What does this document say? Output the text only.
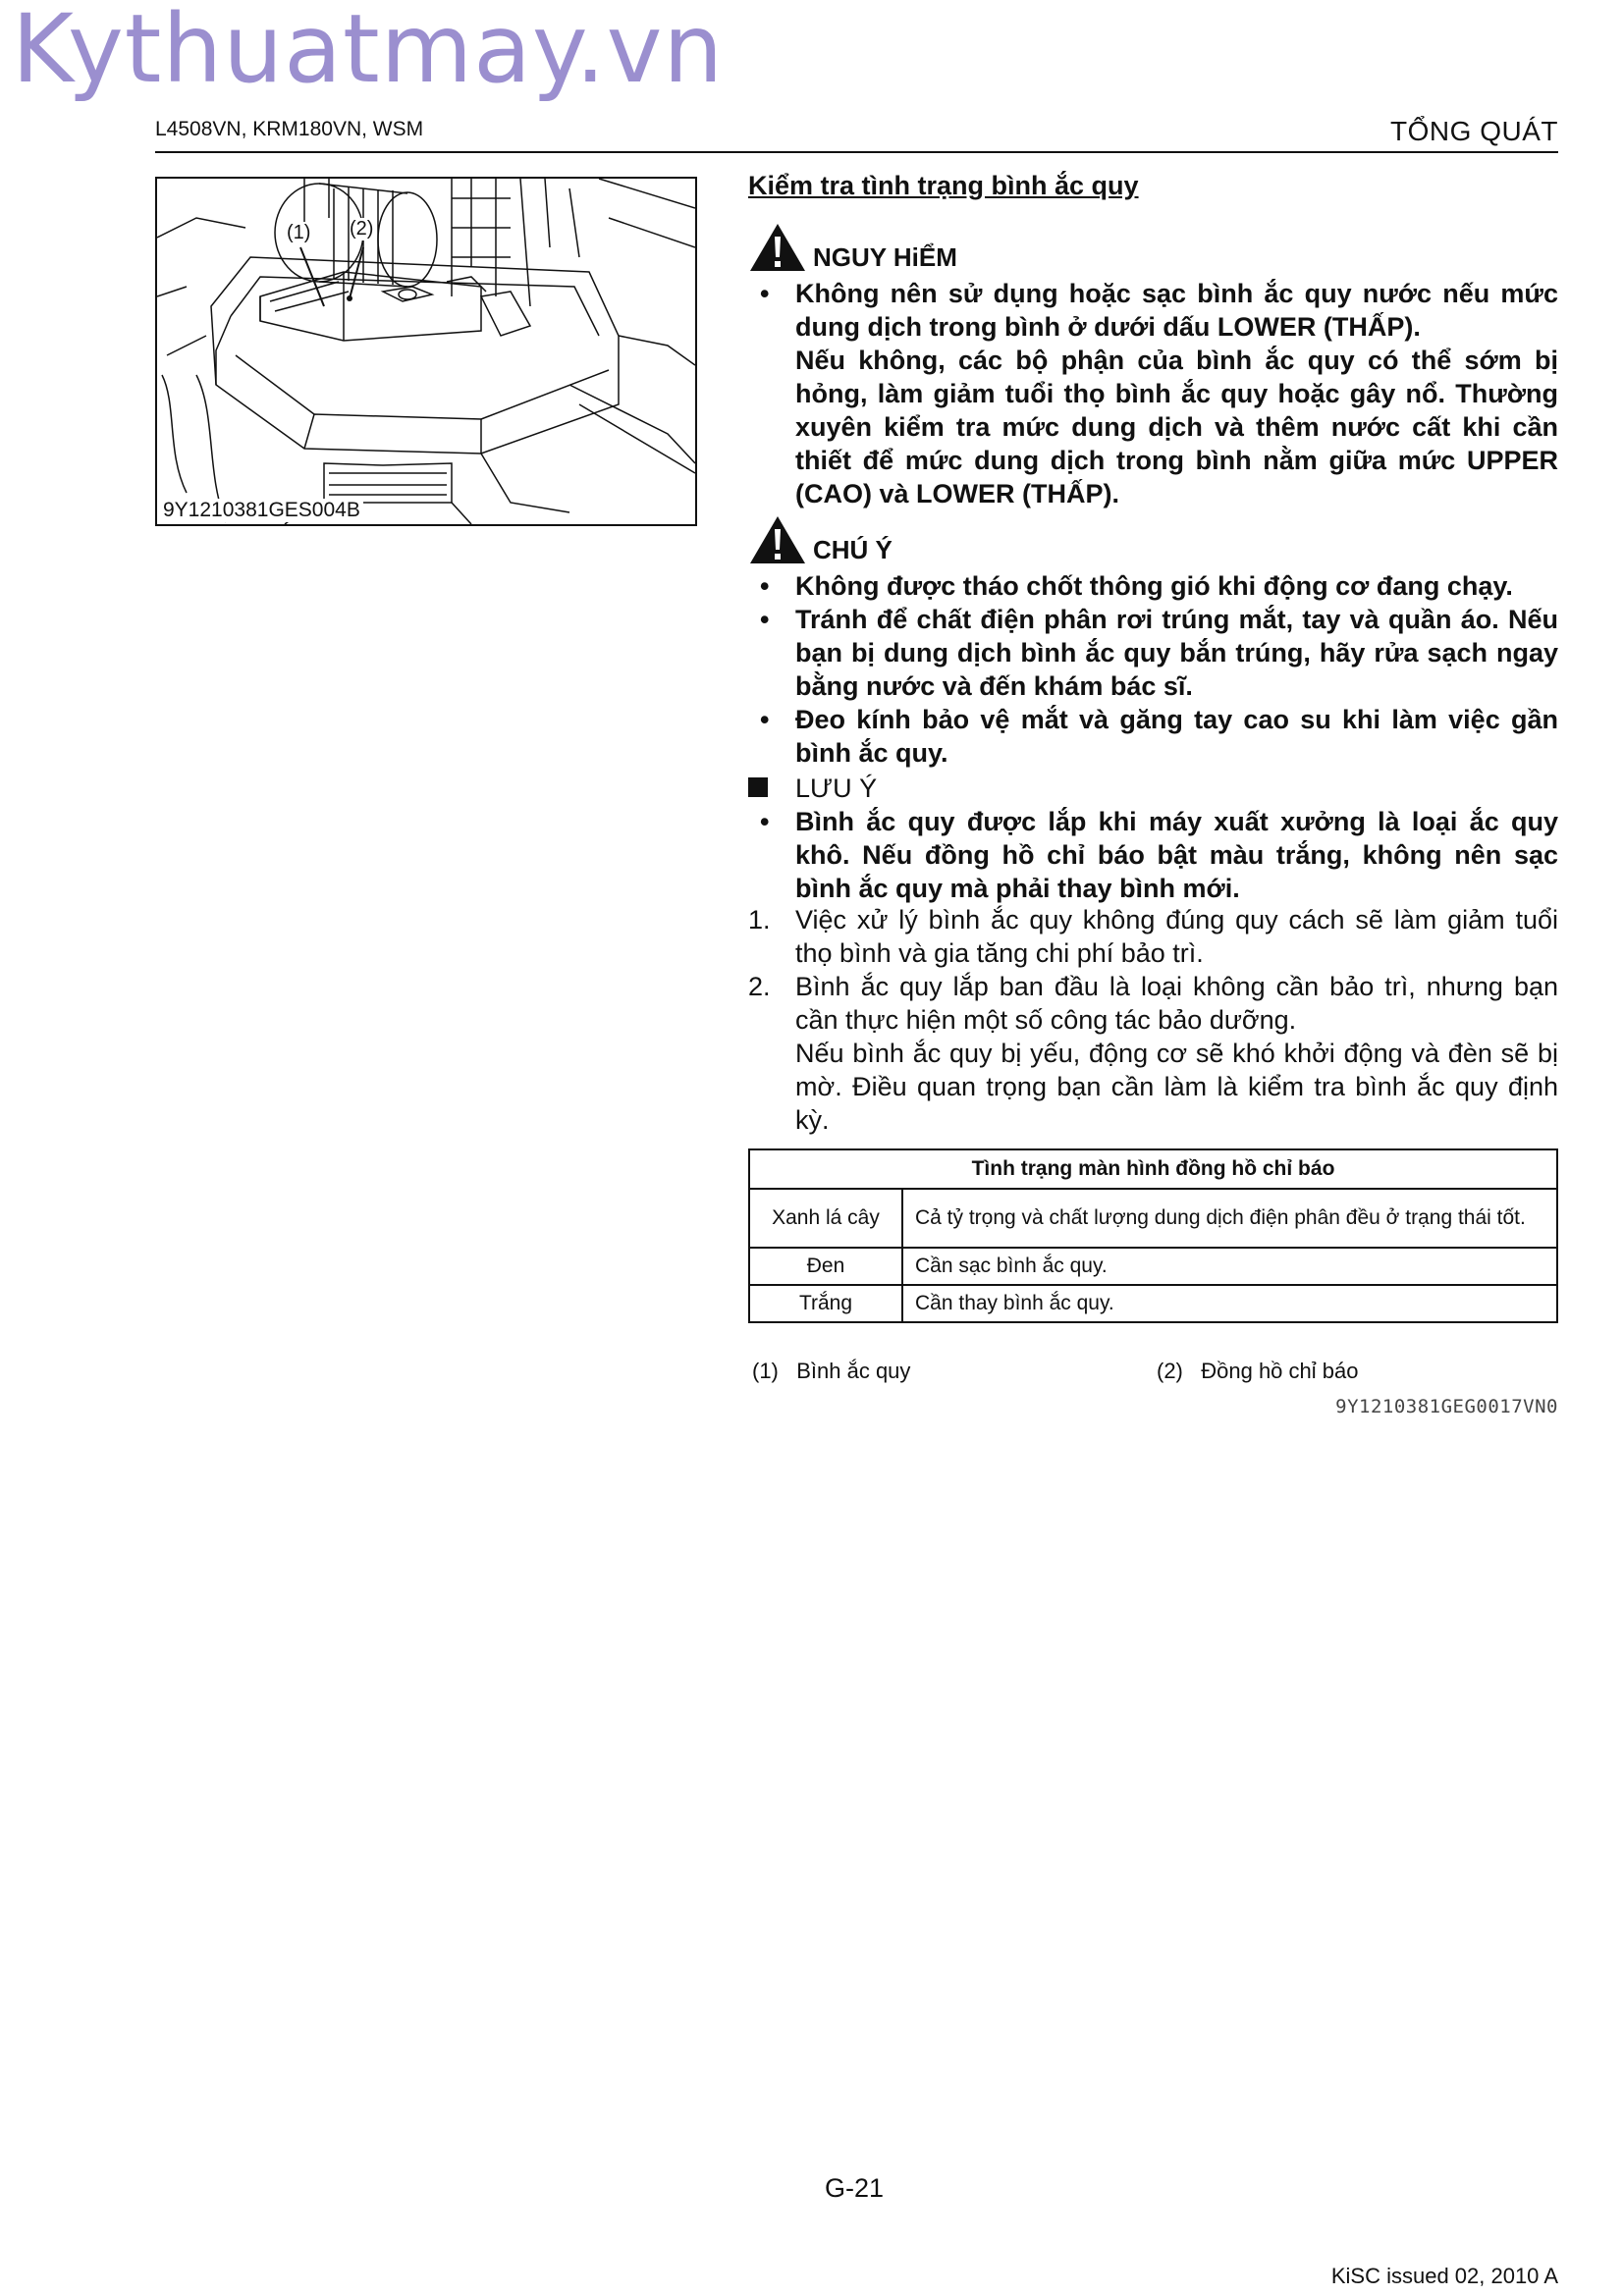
Kythuatmay.vn
L4508VN, KRM180VN, WSM	TỔNG QUÁT
(1) (2)
9Y1210381GES004B
Kiểm tra tình trạng bình ắc quy
NGUY HiỂM
• Không nên sử dụng hoặc sạc bình ắc quy nước nếu mức dung dịch trong bình ở dưới dấu LOWER (THẤP).
Nếu không, các bộ phận của bình ắc quy có thể sớm bị hỏng, làm giảm tuổi thọ bình ắc quy hoặc gây nổ. Thường xuyên kiểm tra mức dung dịch và thêm nước cất khi cần thiết để mức dung dịch trong bình nằm giữa mức UPPER (CAO) và LOWER (THẤP).
CHÚ Ý
• Không được tháo chốt thông gió khi động cơ đang chạy.
• Tránh để chất điện phân rơi trúng mắt, tay và quần áo. Nếu bạn bị dung dịch bình ắc quy bắn trúng, hãy rửa sạch ngay bằng nước và đến khám bác sĩ.
• Đeo kính bảo vệ mắt và găng tay cao su khi làm việc gần bình ắc quy.
LƯU Ý
• Bình ắc quy được lắp khi máy xuất xưởng là loại ắc quy khô. Nếu đồng hồ chỉ báo bật màu trắng, không nên sạc bình ắc quy mà phải thay bình mới.
1. Việc xử lý bình ắc quy không đúng quy cách sẽ làm giảm tuổi thọ bình và gia tăng chi phí bảo trì.
2. Bình ắc quy lắp ban đầu là loại không cần bảo trì, nhưng bạn cần thực hiện một số công tác bảo dưỡng.
Nếu bình ắc quy bị yếu, động cơ sẽ khó khởi động và đèn sẽ bị mờ. Điều quan trọng bạn cần làm là kiểm tra bình ắc quy định kỳ.
Tình trạng màn hình đồng hồ chỉ báo	
Xanh lá cây	Cả tỷ trọng và chất lượng dung dịch điện phân đều ở trạng thái tốt.
Đen	Cần sạc bình ắc quy.
Trắng	Cần thay bình ắc quy.
(1) Bình ắc quy	(2) Đồng hồ chỉ báo
9Y1210381GEG0017VN0
G-21
KiSC issued 02, 2010 A
